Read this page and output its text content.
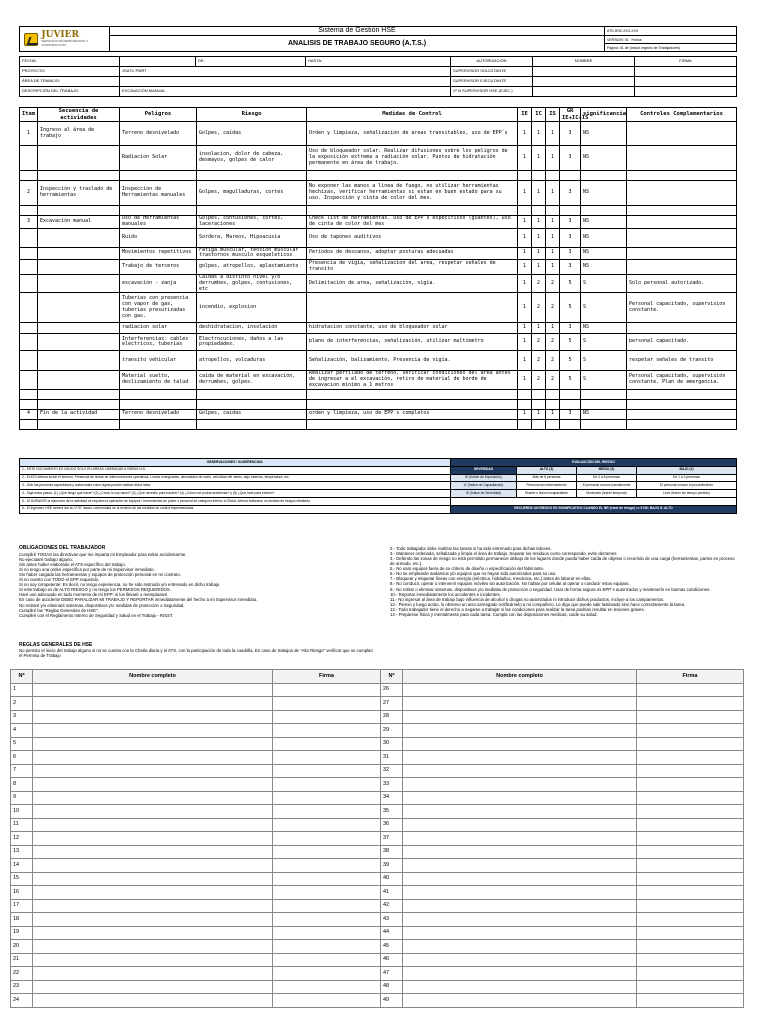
JUVIER
SERVICIOS DE PERFORACIÓN Y CONSTRUCCIÓN	Sistema de Gestión HSE	ATS-HSE-XXX-XXX
	ANALISIS DE TRABAJO SEGURO (A.T.S.)	VERSION: 01 Fecha:
		Página: 01 de (Incluir registro de Trabajadores)
FECHA:		DE:	HASTA:	AUTORIZACIÓN	NOMBRE	FIRMA
PROYECTO:	JSATC PMRT			SUPERVISOR SOLICITANTE		
ÁREA DE TRABAJO:				SUPERVISOR EJECUTANTE		
DESCRIPCIÓN DEL TRABAJO:	EXCAVACIÓN MANUAL			Vº B SUPERVISOR HSE (EJEC.)		
Item	Secuencia de actividades	Peligros	Riesgo	Medidas de Control	IE	IC	IS	GR IE+IC+IS	significancia	Controles Complementarios
1	Ingreso al área de trabajo	Terreno desnivelado	Golpes, caídas	Orden y limpieza, señalización de areas transitables, uso de EPP´s	1	1	1	3	NS	
		Radiacion Solar	insolacion, dolor de cabeza, desmayos, golpes de calor	Uso de bloqueador solar. Realizar difusiones sobre los peligros de la exposición extrema a radiación solar. Puntos de hidratación permanente en área de trabajo.	1	1	1	3	NS	

2	Inspección y traslado de herramientas	Inspeccion de Herramientas manuales	Golpes, magulladuras, cortes	No exponer las manos a linea de fuego, no utilizar herramientas hechizas, verificar herramientas si estan en buen estado para su uso. Inspección y cinta de color del mes.	1	1	1	3	NS	

3	Excavación manual	Uso de Herramientas manuales	Golpes, contusiones, cortes, laceraciones	Check list de herramientas. Uso de EPP´s especificos (guantes), uso de cinta de color del mes	1	1	1	3	NS	
		Ruido	Sordera, Mareos, Hipoacusia	Uso de tapones auditivos	1	1	1	3	NS	
		Movimientos repetitivos	Fatiga muscular, tension muscular trastornos musculo esqueleticos	Periodos de descanso, adoptar posturas adecuadas	1	1	1	3	NS	
		Trabajo de terceros	golpes, atropellos, aplastamiento	Presencia de vigía, señalizacion del area, respetar señales de transito	1	1	1	3	NS	
		excavación - zanja	Caídas a distinto nivel y/o derrumbes, golpes, contusiones, etc	Delimitación de area, señalización, vigía.	1	2	2	5	S	Solo personal autorizado.
		Tuberias con presencia con vapor de gas, tuberias presurizadas con gas.	incendio, explosion		1	2	2	5	S	Personal capacitado, supervision constante.
		radiacion solar	deshidratacion, insolación	hidratacion constante, uso de bloqueador solar	1	1	1	3	NS	
		Interferencias: cables electricos, tuberias	Electrocuciones, daños a las propiedades.	plano de interferencias, señalización, utilizar multimetro	1	2	2	5	S	personal capacitado.
		transito vehicular	atropellos, volcaduras	Señalización, balizamiento. Presencia de vigía.	1	2	2	5	S	respetar señales de transito
		Material suelto, deslizamiento de talud	caída de material en excavación, derrumbes, golpes.	Realizar perfilado de terreno, verificar condiciones del area antes de ingresar a el excavación, retiro de material de borde de excavacion minimo a 1 metros	1	2	2	5	S	Personal capacitado, supervisión constante. Plan de emergencia.

4	Fin de la actividad	Terreno desnivelado	Golpes, caídas	orden y limpieza, uso de EPP´s completos	1	1	1	3	NS	

OBSERVACIONES / SUGERENCIAS:	EVALUACIÓN DEL RIESGO			
1.- ESTE DOCUMENTO ES VÁLIDO SOLO EN ÁREAS LIBERADAS A OBRAS N.D.	SEVERIDAD	ALTO (3)	MEDIO (2)	BAJO (1)
2.- El ATS deberá incluir el entorno: Presencia de líneas de interconexiones operativas, Líneas energizadas, densidades de suelo, velocidad del viento, bajo tuberías, temperatura, etc.	IE (Índice de Exposición)	Más de 8 personas	De 4 a 8 personas	De 1 a 3 personas
3.- Solo las personas capacitadas y autorizadas como vigías podrán realizar dicha labor.	IC (Índice de Capacitación)	Personal sin entrenamiento	El personal conoce parcialmente	El personal conoce el procedimiento
4.- Siga estos pasos: (1) ¿Qué tengo que hacer? (2) ¿Cómo lo voy hacer? (3) ¿Qué necesito para hacerlo? (4) ¿Cómo me podría accidentar? y (5) ¿Qué haré para evitarlo?	IS (Índice de Severidad)	Muerte o lesión incapacitante	Moderado (lesión temporal)	Leve (lesión sin tiempo perdido)
5.- SI DURANTE la ejecución de la actividad se requiera la operación de equipos / herramientas de poder o personal de categoría inferior a Oficial, deberá realizarse un análisis de riesgos detallado,				
6.- El Ingeniero HSE deberá dar su Vº B° dando conformidad de la revisión de las medidas de control implementadas.	RECUERDE UN RIESGO ES SIGNIFICATIVO CUANDO EL NR (nivel de riesgo) >= 5 NS: BAJO S: ALTO			
OBLIGACIONES DEL TRABAJADOR
Cumpliré TODAS las directivas que me imparta mi Empleador para evitar accidentarme.
No ejecutaré trabajo alguno:
Sin antes haber elaborado el ATS específico del trabajo.
Si no tengo una orden específica por parte de mi Supervisor inmediato.
Sin haber cargado las herramientas y equipos de protección personal en mi contrato.
Si no cuento con TODO el EPP requerido.
Si no soy competente: Es decir, no tengo experiencia, no he sido instruido y/o entrenado en dicho trabajo.
Si este trabajo es de ALTO RIESGO y no tengo los PERMISOS REQUERIDOS.
Haré uso adecuado en todo momento de mi EPP; si los llevaré o reemplazaré.
En caso de accidente DEBO PARALIZAR MI TRABAJO Y REPORTAR inmediatamente del hecho a mi Supervisor inmediato.
No retiraré y/o eliminaré sistemas, dispositivos y/o medidas de protección o Seguridad.
Cumpliré las "Reglas Generales de HSE".
Cumpliré con el Reglamento Interno de Seguridad y Salud en el Trabajo - RISST.
2.- Todo trabajador debe realizar las tareas si ha sido entrenado para dichas labores.
3.- Mantener ordenada, señalizada y limpia el área de trabajo. Separar los residuos como corresponde, evite derrames.
4.- Defendo las zonas de riesgo no está permitido permanecer debajo de los lugares donde pueda haber caída de objetos o recorrido de una carga (herramientas, partes en proceso de armado, etc.).
5.- No usar equipos fuera de su criterio de diseño o especificación del fabricante.
6.- No se emplearán andamios y/o equipos que no hayan sido autorizados para su uso.
7.- Bloquear y etiquetar líneas con energía (eléctrica, hidráulica, mecánica, etc.) antes de laborar en ellas.
8.- No conducir, operar o intervenir equipos móviles sin autorización. No hablar por celular al operar o conducir estos equipos.
9.- No retirar o eliminar sistemas, dispositivos y/o medidas de protección o seguridad. Usar de forma segura mi EPP´s autorizados y mantenerlo en buenas condiciones.
10.- Reportar inmediatamente los accidentes e incidentes.
11.- No ingresar al área de trabajo bajo influencia de alcohol o drogas no autorizados ni introducir dichos productos, incluye a los campamentos.
12.- Pienso y luego actúo, lo observo un acto arriesgado notificárselo a mi compañero. Le digo que puede salir lastimado sino hace correctamente la tarea.
13.- Todo trabajador tiene el derecho a negarse a trabajar si las condiciones para realizar la tarea podrían resultar en lesiones graves.
14.- Prepárese física y mentalmente para cada tarea. Cumpla con las disposiciones médicas, cuide su salud.
REGLAS GENERALES DE HSE
No permito el inicio del trabajo alguno si no se cuenta con la Charla diaria y el ATS, con la participación de toda la cuadrilla. En caso de trabajos de "Alto Riesgo" verificar que se cumplan el Permiso de Trabajo
Nº	Nombre completo	Firma	Nº	Nombre completo	Firma
1			26		
2			27		
3			28		
4			29		
5			30		
6			31		
7			32		
8			33		
9			34		
10			35		
11			36		
12			37		
13			38		
14			39		
15			40		
16			41		
17			42		
18			43		
19			44		
20			45		
21			46		
22			47		
23			48		
24			49		
